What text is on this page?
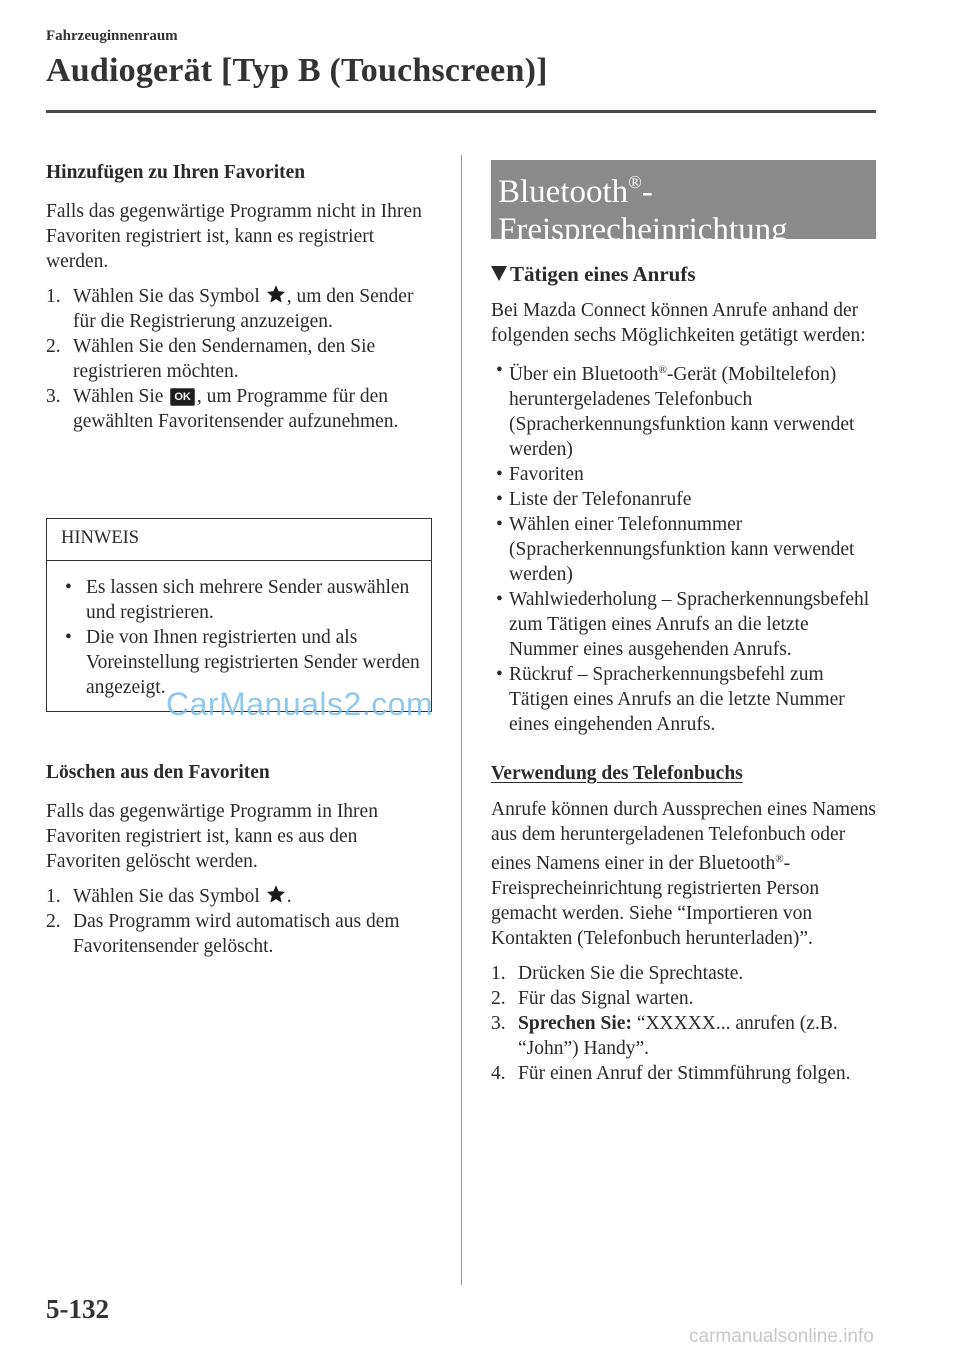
Fahrzeuginnenraum
Audiogerät [Typ B (Touchscreen)]
Hinzufügen zu Ihren Favoriten

Falls das gegenwärtige Programm nicht in Ihren Favoriten registriert ist, kann es registriert werden.

1. Wählen Sie das Symbol , um den Sender für die Registrierung anzuzeigen.
2. Wählen Sie den Sendernamen, den Sie registrieren möchten.
3. Wählen Sie OK , um Programme für den gewählten Favoritensender aufzunehmen.
HINWEIS
• Es lassen sich mehrere Sender auswählen und registrieren.
• Die von Ihnen registrierten und als Voreinstellung registrierten Sender werden angezeigt. CarManuals2.com
Löschen aus den Favoriten

Falls das gegenwärtige Programm in Ihren Favoriten registriert ist, kann es aus den Favoriten gelöscht werden.

1. Wählen Sie das Symbol .
2. Das Programm wird automatisch aus dem Favoritensender gelöscht.
Bluetooth®-
Freisprecheinrichtung
Tätigen eines Anrufs

Bei Mazda Connect können Anrufe anhand der folgenden sechs Möglichkeiten getätigt werden:

• Über ein Bluetooth®-Gerät (Mobiltelefon) heruntergeladenes Telefonbuch (Spracherkennungsfunktion kann verwendet werden)
• Favoriten
• Liste der Telefonanrufe
• Wählen einer Telefonnummer (Spracherkennungsfunktion kann verwendet werden)
• Wahlwiederholung – Spracherkennungsbefehl zum Tätigen eines Anrufs an die letzte Nummer eines ausgehenden Anrufs.
• Rückruf – Spracherkennungsbefehl zum Tätigen eines Anrufs an die letzte Nummer eines eingehenden Anrufs.

Verwendung des Telefonbuchs

Anrufe können durch Aussprechen eines Namens aus dem heruntergeladenen Telefonbuch oder eines Namens einer in der Bluetooth®-Freisprecheinrichtung registrierten Person gemacht werden. Siehe “Importieren von Kontakten (Telefonbuch herunterladen)”.

1. Drücken Sie die Sprechtaste.
2. Für das Signal warten.
3. Sprechen Sie: “XXXXX... anrufen (z.B. “John”) Handy”.
4. Für einen Anruf der Stimmführung folgen.
5-132
carmanualsonline.info
